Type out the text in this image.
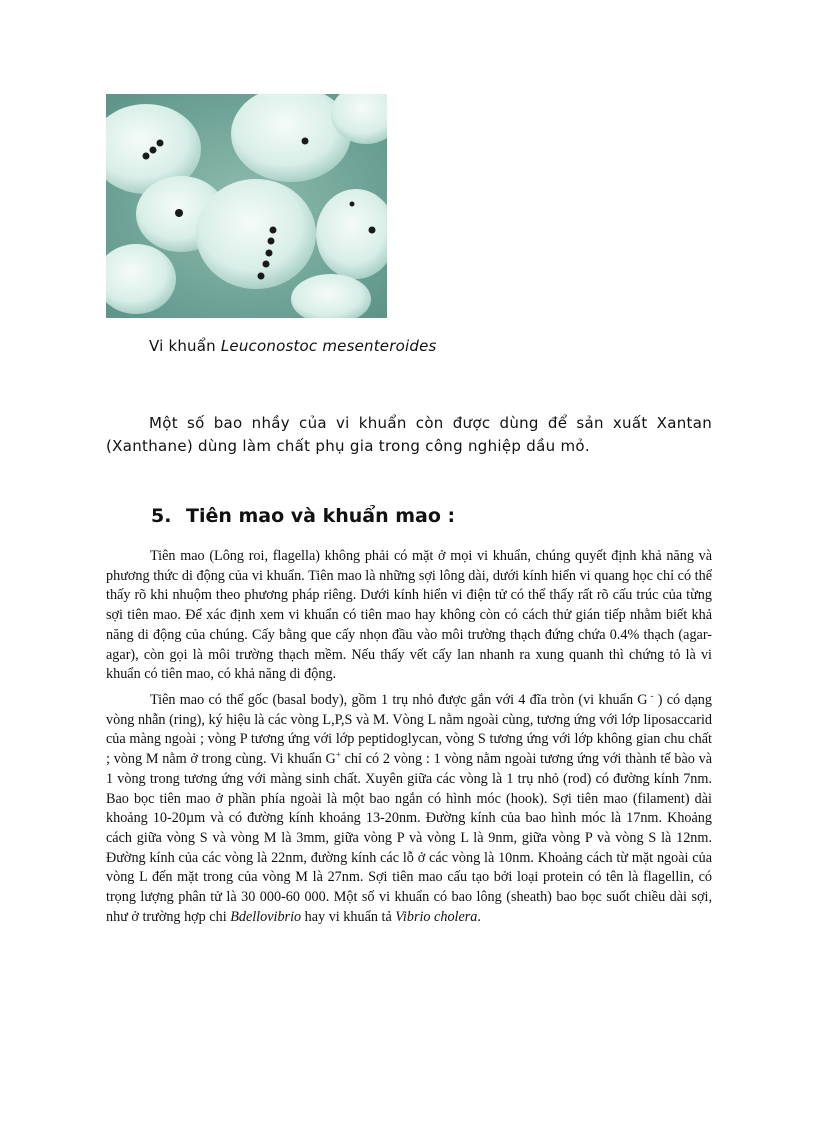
Vi khuẩn Leuconostoc mesenteroides

Một số bao nhầy của vi khuẩn còn được dùng để sản xuất Xantan (Xanthane) dùng làm chất phụ gia trong công nghiệp dầu mỏ.

5. Tiên mao và khuẩn mao :

Tiên mao (Lông roi, flagella) không phải có mặt ở mọi vi khuẩn, chúng quyết định khả năng và phương thức di động của vi khuẩn. Tiên mao là những sợi lông dài, dưới kính hiển vi quang học chỉ có thể thấy rõ khi nhuộm theo phương pháp riêng. Dưới kính hiển vi điện tử có thể thấy rất rõ cấu trúc của từng sợi tiên mao. Để xác định xem vi khuẩn có tiên mao hay không còn có cách thử gián tiếp nhằm biết khả năng di động của chúng. Cấy bằng que cấy nhọn đầu vào môi trường thạch đứng chứa 0.4% thạch (agar-agar), còn gọi là môi trường thạch mềm. Nếu thấy vết cấy lan nhanh ra xung quanh thì chứng tỏ là vi khuẩn có tiên mao, có khả năng di động.

Tiên mao có thể gốc (basal body), gồm 1 trụ nhỏ được gắn với 4 đĩa tròn (vi khuẩn G - ) có dạng vòng nhẫn (ring), ký hiệu là các vòng L,P,S và M. Vòng L nằm ngoài cùng, tương ứng với lớp liposaccarid của màng ngoài ; vòng P tương ứng với lớp peptidoglycan, vòng S tương ứng với lớp không gian chu chất ; vòng M nằm ở trong cùng. Vi khuẩn G+ chỉ có 2 vòng : 1 vòng nằm ngoài tương ứng với thành tế bào và 1 vòng trong tương ứng với màng sinh chất. Xuyên giữa các vòng là 1 trụ nhỏ (rod) có đường kính 7nm. Bao bọc tiên mao ở phần phía ngoài là một bao ngắn có hình móc (hook). Sợi tiên mao (filament) dài khoảng 10-20µm và có đường kính khoảng 13-20nm. Đường kính của bao hình móc là 17nm. Khoảng cách giữa vòng S và vòng M là 3mm, giữa vòng P và vòng L là 9nm, giữa vòng P và vòng S là 12nm. Đường kính của các vòng là 22nm, đường kính các lỗ ở các vòng là 10nm. Khoảng cách từ mặt ngoài của vòng L đến mặt trong của vòng M là 27nm. Sợi tiên mao cấu tạo bởi loại protein có tên là flagellin, có trọng lượng phân tử là 30 000-60 000. Một số vi khuẩn có bao lông (sheath) bao bọc suốt chiều dài sợi, như ở trường hợp chi Bdellovibrio hay vi khuẩn tả Vibrio cholera.
